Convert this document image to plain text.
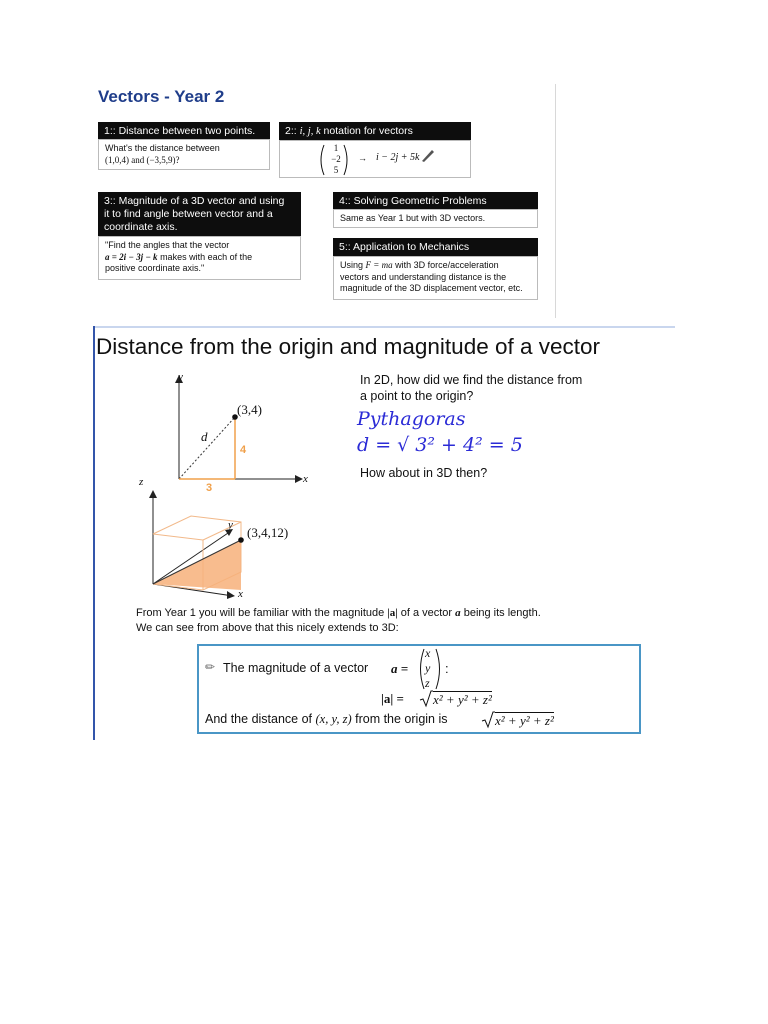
Vectors - Year 2
1:: Distance between two points.
What's the distance between
(1,0,4) and (−3,5,9)?
2:: i, j, k notation for vectors
1
−2
5
→ i − 2j + 5k
3:: Magnitude of a 3D vector and using
it to find angle between vector and a
coordinate axis.
"Find the angles that the vector
a = 2i − 3j − k makes with each of the
positive coordinate axis."
4:: Solving Geometric Problems
Same as Year 1 but with 3D vectors.
5:: Application to Mechanics
Using F = ma with 3D force/acceleration
vectors and understanding distance is the
magnitude of the 3D displacement vector, etc.
Distance from the origin and magnitude of a vector
y
x
(3,4)
d
4
3
z
y
x
(3,4,12)
In 2D, how did we find the distance from
a point to the origin?
Pythagoras
d = √ 3² + 4² = 5
How about in 3D then?
From Year 1 you will be familiar with the magnitude |a| of a vector a being its length.
We can see from above that this nicely extends to 3D:
✏ The magnitude of a vector a =
x
y
z
:
|a| = x² + y² + z²
And the distance of (x, y, z) from the origin is	x² + y² + z²
